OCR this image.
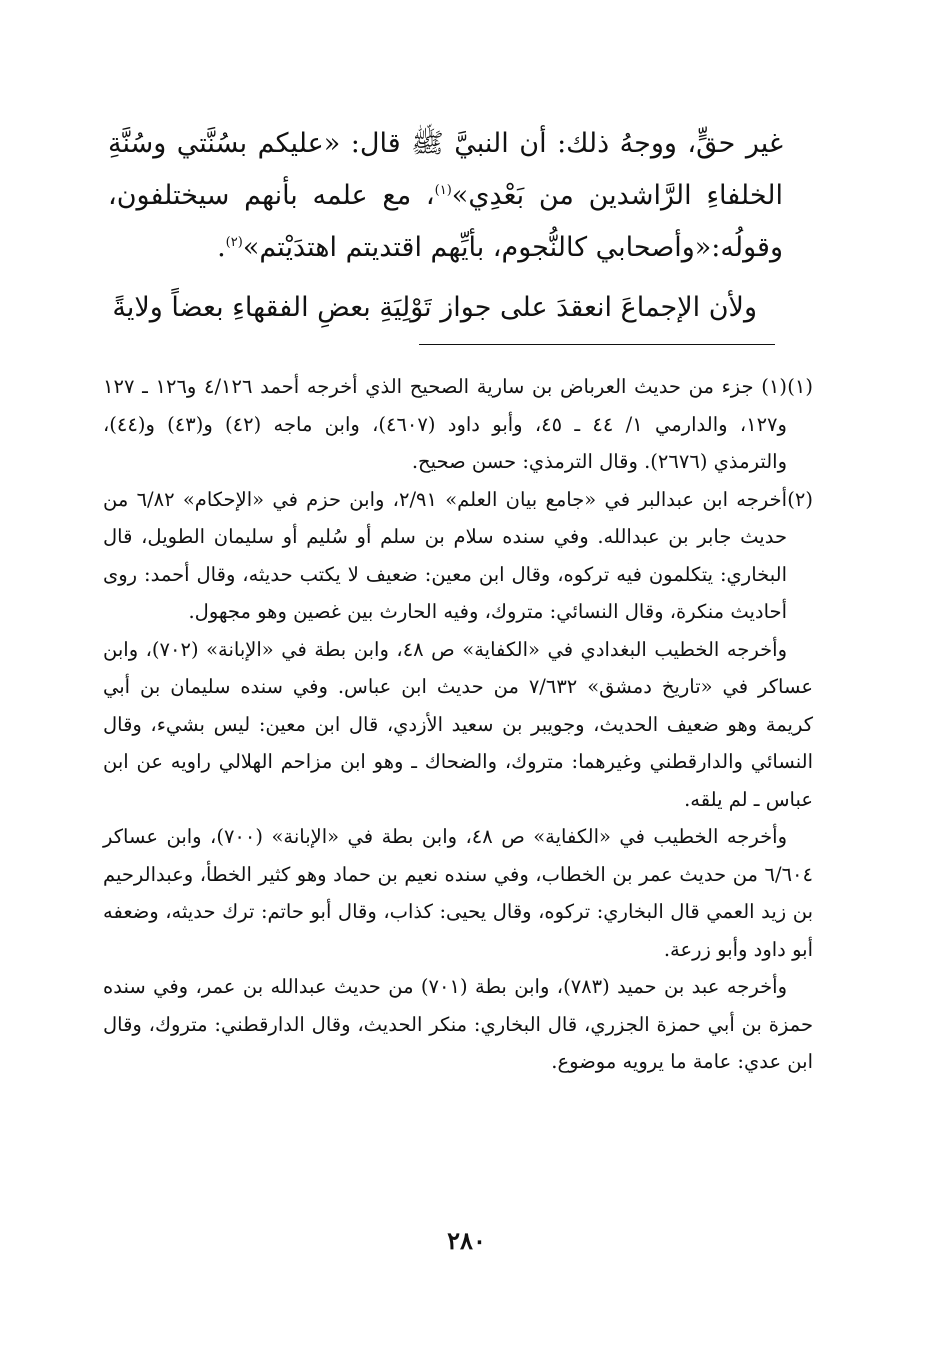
غير حقٍّ، ووجهُ ذلك: أن النبيَّ ﷺ قال: «عليكم بسُنَّتي وسُنَّةِ الخلفاءِ الرَّاشدين من بَعْدِي»$^{(١)}$، مع علمه بأنهم سيختلفون، وقولُه:«وأصحابي كالنُّجوم، بأيِّهم اقتديتم اهتدَيْتم»$^{(٢)}$.

ولأن الإجماعَ انعقدَ على جواز تَوْلِيَةِ بعضِ الفقهاءِ بعضاً ولايةً

(١)
(١) جزء من حديث العرباض بن سارية الصحيح الذي أخرجه أحمد ٤/١٢٦ و١٢٦ ـ ١٢٧ و١٢٧، والدارمي ١/ ٤٤ ـ ٤٥، وأبو داود (٤٦٠٧)، وابن ماجه (٤٢) و(٤٣) و(٤٤)، والترمذي (٢٦٧٦). وقال الترمذي: حسن صحيح.
(٢)
أخرجه ابن عبدالبر في «جامع بيان العلم» ٢/٩١، وابن حزم في «الإحكام» ٦/٨٢ من حديث جابر بن عبدالله. وفي سنده سلام بن سلم أو سُليم أو سليمان الطويل، قال البخاري: يتكلمون فيه تركوه، وقال ابن معين: ضعيف لا يكتب حديثه، وقال أحمد: روى أحاديث منكرة، وقال النسائي: متروك، وفيه الحارث بين غصين وهو مجهول.

وأخرجه الخطيب البغدادي في «الكفاية» ص ٤٨، وابن بطة في «الإبانة» (٧٠٢)، وابن عساكر في «تاريخ دمشق» ٧/٦٣٢ من حديث ابن عباس. وفي سنده سليمان بن أبي كريمة وهو ضعيف الحديث، وجويبر بن سعيد الأزدي، قال ابن معين: ليس بشيء، وقال النسائي والدارقطني وغيرهما: متروك، والضحاك ـ وهو ابن مزاحم الهلالي راويه عن ابن عباس ـ لم يلقه.

وأخرجه الخطيب في «الكفاية» ص ٤٨، وابن بطة في «الإبانة» (٧٠٠)، وابن عساكر ٦/٦٠٤ من حديث عمر بن الخطاب، وفي سنده نعيم بن حماد وهو كثير الخطأ، وعبدالرحيم بن زيد العمي قال البخاري: تركوه، وقال يحيى: كذاب، وقال أبو حاتم: ترك حديثه، وضعفه أبو داود وأبو زرعة.

وأخرجه عبد بن حميد (٧٨٣)، وابن بطة (٧٠١) من حديث عبدالله بن عمر، وفي سنده حمزة بن أبي حمزة الجزري، قال البخاري: منكر الحديث، وقال الدارقطني: متروك، وقال ابن عدي: عامة ما يرويه موضوع.

٢٨٠
